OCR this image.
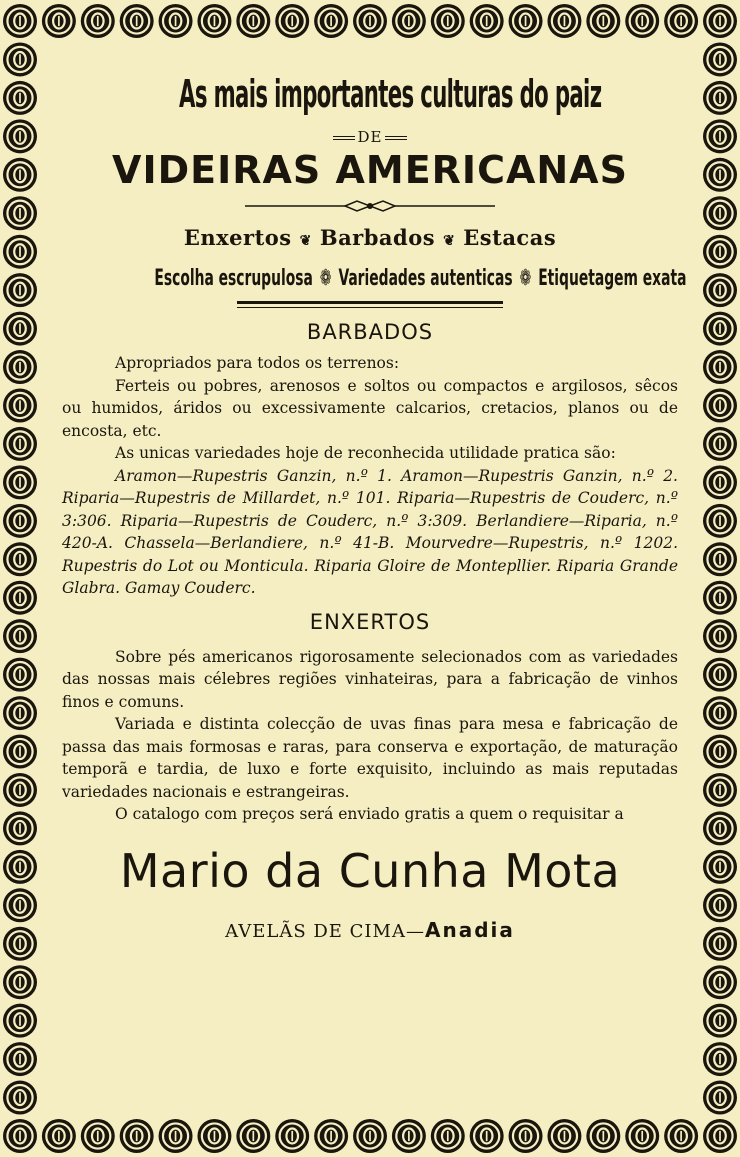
As mais importantes culturas do paiz
DE
VIDEIRAS AMERICANAS
Enxertos ❦ Barbados ❦ Estacas
Escolha escrupulosa ❁ Variedades autenticas ❁ Etiquetagem exata
BARBADOS

Apropriados para todos os terrenos:

Ferteis ou pobres, arenosos e soltos ou compactos e argilosos, sêcos ou humidos, áridos ou excessivamente calcarios, cretacios, planos ou de encosta, etc.

As unicas variedades hoje de reconhecida utilidade pratica são:

Aramon—Rupestris Ganzin, n.º 1. Aramon—Rupestris Ganzin, n.º 2. Riparia—Rupestris de Millardet, n.º 101. Riparia—Rupestris de Couderc, n.º 3:306. Riparia—Rupestris de Couderc, n.º 3:309. Berlandiere—Riparia, n.º 420-A. Chassela—Berlandiere, n.º 41-B. Mourvedre—Rupestris, n.º 1202. Rupestris do Lot ou Monticula. Riparia Gloire de Montepllier. Riparia Grande Glabra. Gamay Couderc.

ENXERTOS

Sobre pés americanos rigorosamente selecionados com as variedades das nossas mais célebres regiões vinhateiras, para a fabricação de vinhos finos e comuns.

Variada e distinta colecção de uvas finas para mesa e fabricação de passa das mais formosas e raras, para conserva e exportação, de maturação temporã e tardia, de luxo e forte exquisito, incluindo as mais reputadas variedades nacionais e estrangeiras.

O catalogo com preços será enviado gratis a quem o requisitar a

Mario da Cunha Mota
AVELÃS DE CIMA—Anadia
